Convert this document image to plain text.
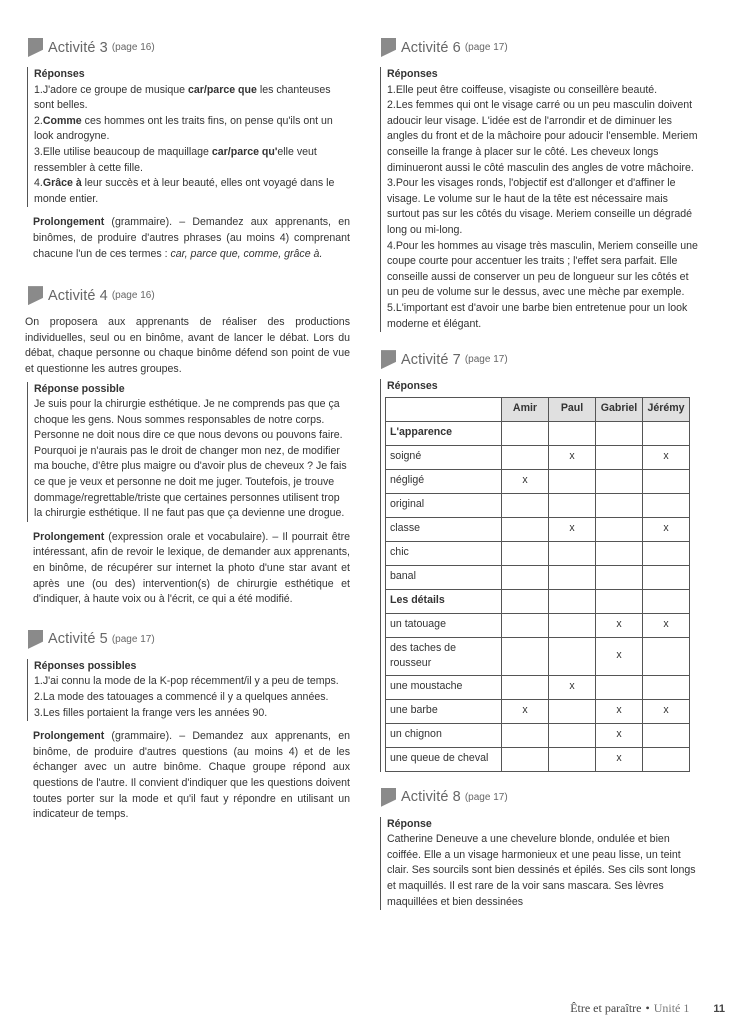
Activité 3 (page 16)
Réponses

1.J'adore ce groupe de musique car/parce que les chanteuses sont belles.

2.Comme ces hommes ont les traits fins, on pense qu'ils ont un look androgyne.

3.Elle utilise beaucoup de maquillage car/parce qu'elle veut ressembler à cette fille.

4.Grâce à leur succès et à leur beauté, elles ont voyagé dans le monde entier.

Prolongement (grammaire). – Demandez aux apprenants, en binômes, de produire d'autres phrases (au moins 4) comprenant chacune l'un de ces termes : car, parce que, comme, grâce à.

Activité 4 (page 16)

On proposera aux apprenants de réaliser des productions individuelles, seul ou en binôme, avant de lancer le débat. Lors du débat, chaque personne ou chaque binôme défend son point de vue et questionne les autres groupes.

Réponse possible

Je suis pour la chirurgie esthétique. Je ne comprends pas que ça choque les gens. Nous sommes responsables de notre corps. Personne ne doit nous dire ce que nous devons ou pouvons faire. Pourquoi je n'aurais pas le droit de changer mon nez, de modifier ma bouche, d'être plus maigre ou d'avoir plus de cheveux ? Je fais ce que je veux et personne ne doit me juger. Toutefois, je trouve dommage/regrettable/triste que certaines personnes utilisent trop la chirurgie esthétique. Il ne faut pas que ça devienne une drogue.

Prolongement (expression orale et vocabulaire). – Il pourrait être intéressant, afin de revoir le lexique, de demander aux apprenants, en binôme, de récupérer sur internet la photo d'une star avant et après une (ou des) intervention(s) de chirurgie esthétique et d'indiquer, à haute voix ou à l'écrit, ce qui a été modifié.

Activité 5 (page 17)
Réponses possibles

1.J'ai connu la mode de la K-pop récemment/il y a peu de temps.

2.La mode des tatouages a commencé il y a quelques années.

3.Les filles portaient la frange vers les années 90.

Prolongement (grammaire). – Demandez aux apprenants, en binôme, de produire d'autres questions (au moins 4) et de les échanger avec un autre binôme. Chaque groupe répond aux questions de l'autre. Il convient d'indiquer que les questions doivent toutes porter sur la mode et qu'il faut y répondre en utilisant un indicateur de temps.

Activité 6 (page 17)
Réponses

1.Elle peut être coiffeuse, visagiste ou conseillère beauté.

2.Les femmes qui ont le visage carré ou un peu masculin doivent adoucir leur visage. L'idée est de l'arrondir et de diminuer les angles du front et de la mâchoire pour adoucir l'ensemble. Meriem conseille la frange à placer sur le côté. Les cheveux longs diminueront aussi le côté masculin des angles de votre mâchoire.

3.Pour les visages ronds, l'objectif est d'allonger et d'affiner le visage. Le volume sur le haut de la tête est nécessaire mais surtout pas sur les côtés du visage. Meriem conseille un dégradé long ou mi-long.

4.Pour les hommes au visage très masculin, Meriem conseille une coupe courte pour accentuer les traits ; l'effet sera parfait. Elle conseille aussi de conserver un peu de longueur sur les côtés et un peu de volume sur le dessus, avec une mèche par exemple.

5.L'important est d'avoir une barbe bien entretenue pour un look moderne et élégant.

Activité 7 (page 17)
Réponses
	Amir	Paul	Gabriel	Jérémy
L'apparence				
soigné		x		x
négligé	x			
original				
classe		x		x
chic				
banal				
Les détails				
un tatouage			x	x
des taches de rousseur			x	
une moustache		x		
une barbe	x		x	x
un chignon			x	
une queue de cheval			x	
Activité 8 (page 17)
Réponse

Catherine Deneuve a une chevelure blonde, ondulée et bien coiffée. Elle a un visage harmonieux et une peau lisse, un teint clair. Ses sourcils sont bien dessinés et épilés. Ses cils sont longs et maquillés. Il est rare de la voir sans mascara. Ses lèvres maquillées et bien dessinées

Être et paraître • Unité 1 11
